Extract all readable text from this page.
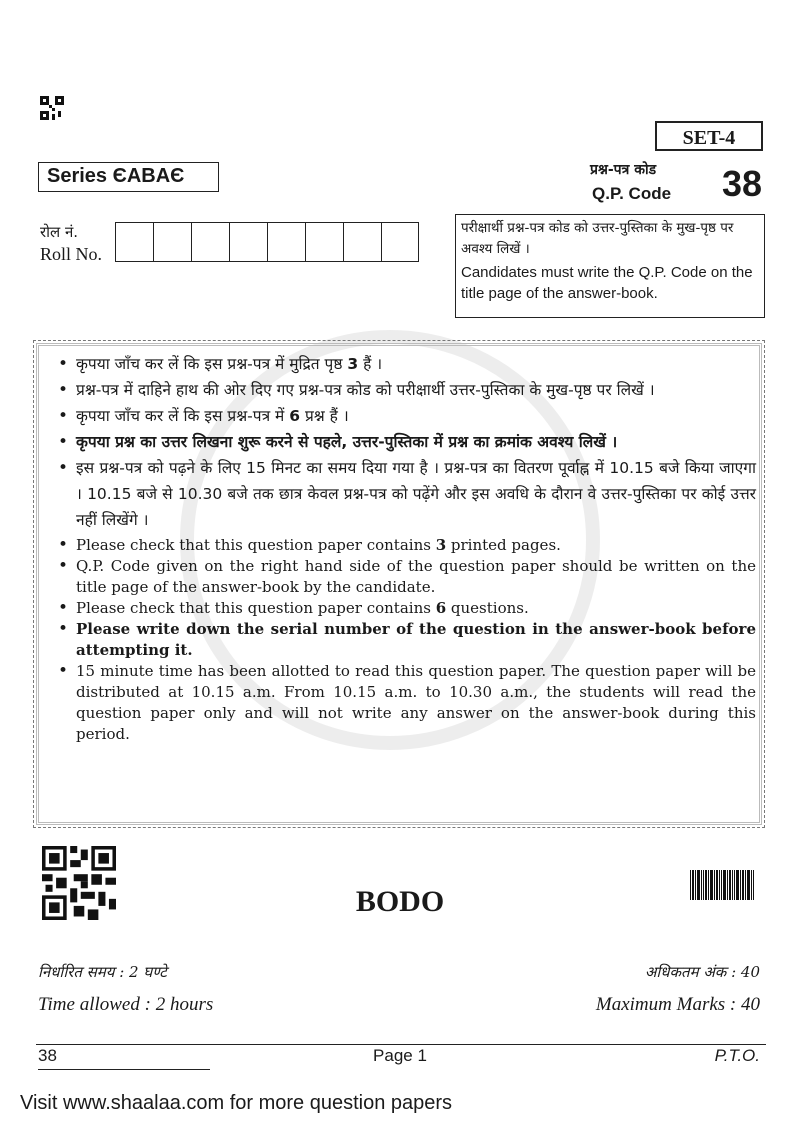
SET-4
Series ЄABAЄ	प्रश्न-पत्र कोड
Q.P. Code 38
रोल नं.
Roll No.
परीक्षार्थी प्रश्न-पत्र कोड को उत्तर-पुस्तिका के मुख-पृष्ठ पर अवश्य लिखें ।
Candidates must write the Q.P. Code on the title page of the answer-book.
• कृपया जाँच कर लें कि इस प्रश्न-पत्र में मुद्रित पृष्ठ 3 हैं ।
• प्रश्न-पत्र में दाहिने हाथ की ओर दिए गए प्रश्न-पत्र कोड को परीक्षार्थी उत्तर-पुस्तिका के मुख-पृष्ठ पर लिखें ।
• कृपया जाँच कर लें कि इस प्रश्न-पत्र में 6 प्रश्न हैं ।
• कृपया प्रश्न का उत्तर लिखना शुरू करने से पहले, उत्तर-पुस्तिका में प्रश्न का क्रमांक अवश्य लिखें ।
• इस प्रश्न-पत्र को पढ़ने के लिए 15 मिनट का समय दिया गया है । प्रश्न-पत्र का वितरण पूर्वाह्न में 10.15 बजे किया जाएगा । 10.15 बजे से 10.30 बजे तक छात्र केवल प्रश्न-पत्र को पढ़ेंगे और इस अवधि के दौरान वे उत्तर-पुस्तिका पर कोई उत्तर नहीं लिखेंगे ।
• Please check that this question paper contains 3 printed pages.
• Q.P. Code given on the right hand side of the question paper should be written on the title page of the answer-book by the candidate.
• Please check that this question paper contains 6 questions.
• Please write down the serial number of the question in the answer-book before attempting it.
• 15 minute time has been allotted to read this question paper. The question paper will be distributed at 10.15 a.m. From 10.15 a.m. to 10.30 a.m., the students will read the question paper only and will not write any answer on the answer-book during this period.
BODO
निर्धारित समय : 2 घण्टे	अधिकतम अंक : 40
Time allowed : 2 hours	Maximum Marks : 40
38	Page 1	P.T.O.
Visit www.shaalaa.com for more question papers
